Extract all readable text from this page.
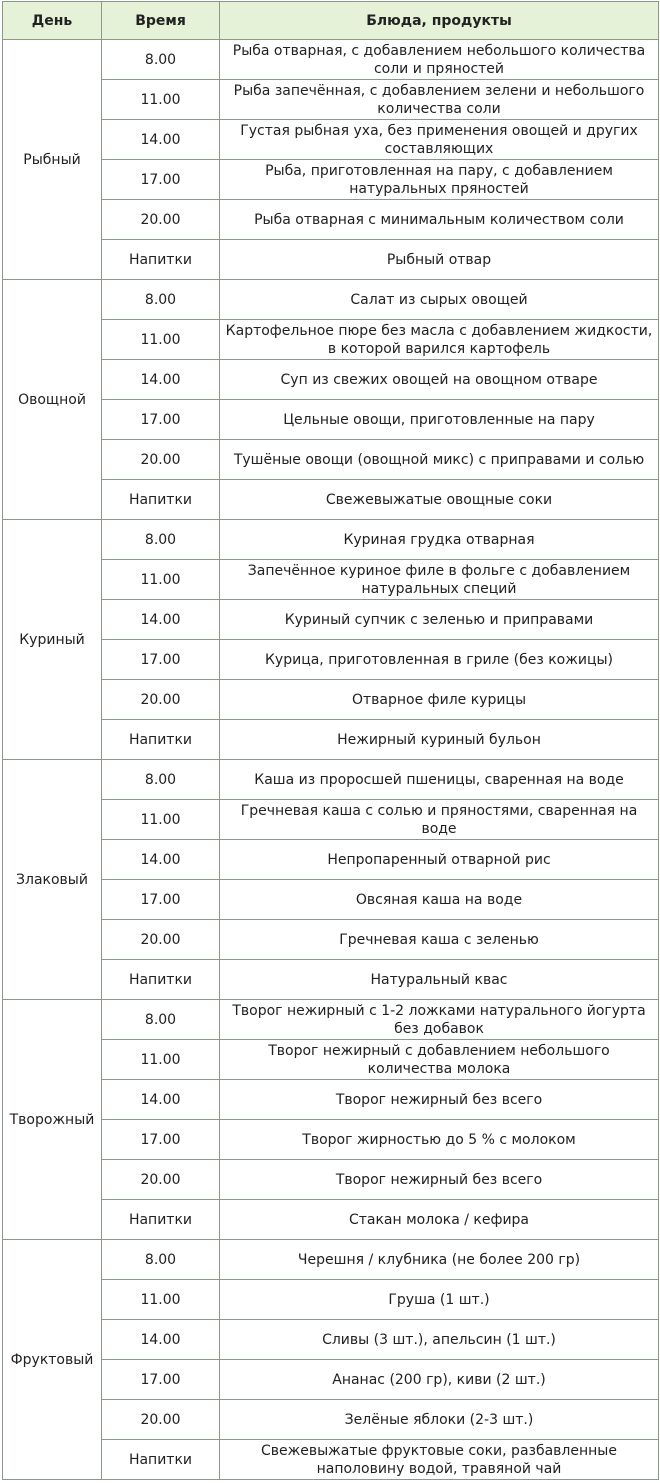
День	Время	Блюда, продукты
Рыбный	8.00	Рыба отварная, с добавлением небольшого количества соли и пряностей
	11.00	Рыба запечённая, с добавлением зелени и небольшого количества соли
	14.00	Густая рыбная уха, без применения овощей и других составляющих
	17.00	Рыба, приготовленная на пару, с добавлением натуральных пряностей
	20.00	Рыба отварная с минимальным количеством соли
	Напитки	Рыбный отвар
Овощной	8.00	Салат из сырых овощей
	11.00	Картофельное пюре без масла с добавлением жидкости, в которой варился картофель
	14.00	Суп из свежих овощей на овощном отваре
	17.00	Цельные овощи, приготовленные на пару
	20.00	Тушёные овощи (овощной микс) с приправами и солью
	Напитки	Свежевыжатые овощные соки
Куриный	8.00	Куриная грудка отварная
	11.00	Запечённое куриное филе в фольге с добавлением натуральных специй
	14.00	Куриный супчик с зеленью и приправами
	17.00	Курица, приготовленная в гриле (без кожицы)
	20.00	Отварное филе курицы
	Напитки	Нежирный куриный бульон
Злаковый	8.00	Каша из проросшей пшеницы, сваренная на воде
	11.00	Гречневая каша с солью и пряностями, сваренная на воде
	14.00	Непропаренный отварной рис
	17.00	Овсяная каша на воде
	20.00	Гречневая каша с зеленью
	Напитки	Натуральный квас
Творожный	8.00	Творог нежирный с 1-2 ложками натурального йогурта без добавок
	11.00	Творог нежирный с добавлением небольшого количества молока
	14.00	Творог нежирный без всего
	17.00	Творог жирностью до 5 % с молоком
	20.00	Творог нежирный без всего
	Напитки	Стакан молока / кефира
Фруктовый	8.00	Черешня / клубника (не более 200 гр)
	11.00	Груша (1 шт.)
	14.00	Сливы (3 шт.), апельсин (1 шт.)
	17.00	Ананас (200 гр), киви (2 шт.)
	20.00	Зелёные яблоки (2-3 шт.)
	Напитки	Свежевыжатые фруктовые соки, разбавленные наполовину водой, травяной чай
